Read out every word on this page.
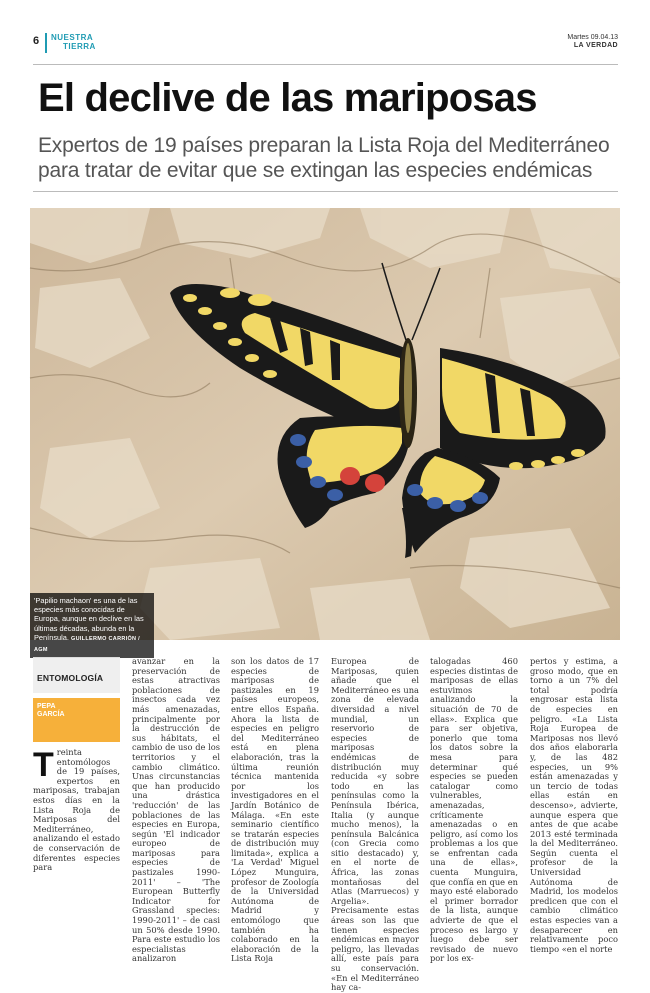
6 NUESTRA
TIERRA
Martes 09.04.13
LA VERDAD
El declive de las mariposas
Expertos de 19 países preparan la Lista Roja del Mediterráneo
para tratar de evitar que se extingan las especies endémicas
'Papilio machaon' es una de las especies más conocidas de Europa, aunque en declive en las últimas décadas, abunda en la Península. GUILLERMO CARRIÓN / AGM
ENTOMOLOGÍA
PEPA
GARCÍA
Treinta entomólogos de 19 países, expertos en mariposas, trabajan estos días en la Lista Roja de Mariposas del Mediterráneo, analizando el estado de conservación de diferentes especies para

avanzar en la preservación de estas atractivas poblaciones de insectos cada vez más amenazadas, principalmente por la destrucción de sus hábitats, el cambio de uso de los territorios y el cambio climático. Unas circunstancias que han producido una drástica 'reducción' de las poblaciones de las especies en Europa, según 'El indicador europeo de mariposas para especies de pastizales 1990-2011' – 'The European Butterfly Indicator for Grassland species: 1990-2011' – de casi un 50% desde 1990. Para este estudio los especialistas analizaron

son los datos de 17 especies de mariposas de pastizales en 19 países europeos, entre ellos España. Ahora la lista de especies en peligro del Mediterráneo está en plena elaboración, tras la última reunión técnica mantenida por los investigadores en el Jardín Botánico de Málaga. «En este seminario científico se tratarán especies de distribución muy limitada», explica a 'La Verdad' Miguel López Munguira, profesor de Zoología de la Universidad Autónoma de Madrid y entomólogo que también ha colaborado en la elaboración de la Lista Roja

Europea de Mariposas, quien añade que el Mediterráneo es una zona de elevada diversidad a nivel mundial, un reservorio de especies de mariposas endémicas de distribución muy reducida «y sobre todo en las penínsulas como la Península Ibérica, Italia (y aunque mucho menos), la península Balcánica (con Grecia como sitio destacado) y, en el norte de África, las zonas montañosas del Atlas (Marruecos) y Argelia». Precisamente estas áreas son las que tienen especies endémicas en mayor peligro, las llevadas allí, este país para su conservación. «En el Mediterráneo hay ca-

talogadas 460 especies distintas de mariposas de ellas estuvimos analizando la situación de 70 de ellas». Explica que para ser objetiva, ponerlo que toma los datos sobre la mesa para determinar qué especies se pueden catalogar como vulnerables, amenazadas, críticamente amenazadas o en peligro, así como los problemas a los que se enfrentan cada una de ellas», cuenta Munguira, que confía en que en mayo esté elaborado el primer borrador de la lista, aunque advierte de que el proceso es largo y luego debe ser revisado de nuevo por los ex-

pertos y estima, a groso modo, que en torno a un 7% del total podría engrosar esta lista de especies en peligro. «La Lista Roja Europea de Mariposas nos llevó dos años elaborarla y, de las 482 especies, un 9% están amenazadas y un tercio de todas ellas están en descenso», advierte, aunque espera que antes de que acabe 2013 esté terminada la del Mediterráneo. Según cuenta el profesor de la Universidad Autónoma de Madrid, los modelos predicen que con el cambio climático estas especies van a desaparecer en relativamente poco tiempo «en el norte
